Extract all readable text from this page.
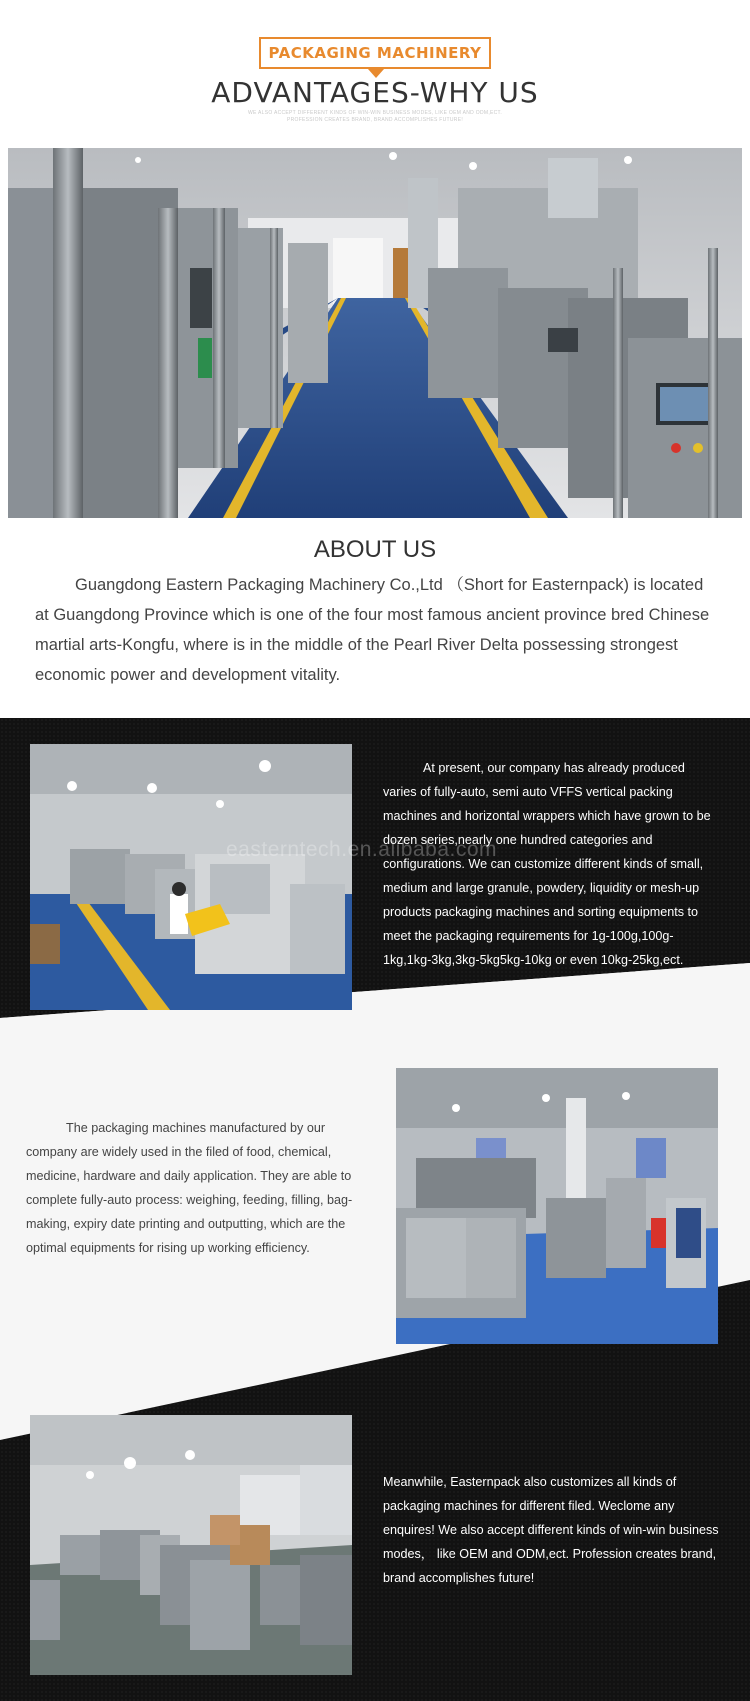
PACKAGING MACHINERY
ADVANTAGES-WHY US
WE ALSO ACCEPT DIFFERENT KINDS OF WIN-WIN BUSINESS MODES, LIKE OEM AND ODM,ECT.
PROFESSION CREATES BRAND, BRAND ACCOMPLISHES FUTURE!
ABOUT US
Guangdong Eastern Packaging Machinery Co.,Ltd （Short for Easternpack) is located at Guangdong Province which is one of the four most famous ancient province bred Chinese martial arts-Kongfu, where is in the middle of the Pearl River Delta possessing strongest economic power and development vitality.
easterntech.en.alibaba.com
At present, our company has already produced varies of fully-auto, semi auto VFFS vertical packing machines and horizontal wrappers which have grown to be dozen series,nearly one hundred categories and configurations. We can customize different kinds of small, medium and large granule, powdery, liquidity or mesh-up products packaging machines and sorting equipments to meet the packaging requirements for 1g-100g,100g-1kg,1kg-3kg,3kg-5kg5kg-10kg or even 10kg-25kg,ect.
The packaging machines manufactured by our company are widely used in the filed of food, chemical, medicine, hardware and daily application. They are able to complete fully-auto process: weighing, feeding, filling, bag-making, expiry date printing and outputting, which are the optimal equipments for rising up working efficiency.
Meanwhile, Easternpack also customizes all kinds of packaging machines for different filed. Weclome any enquires! We also accept different kinds of win-win business modes， like OEM and ODM,ect. Profession creates brand, brand accomplishes future!
